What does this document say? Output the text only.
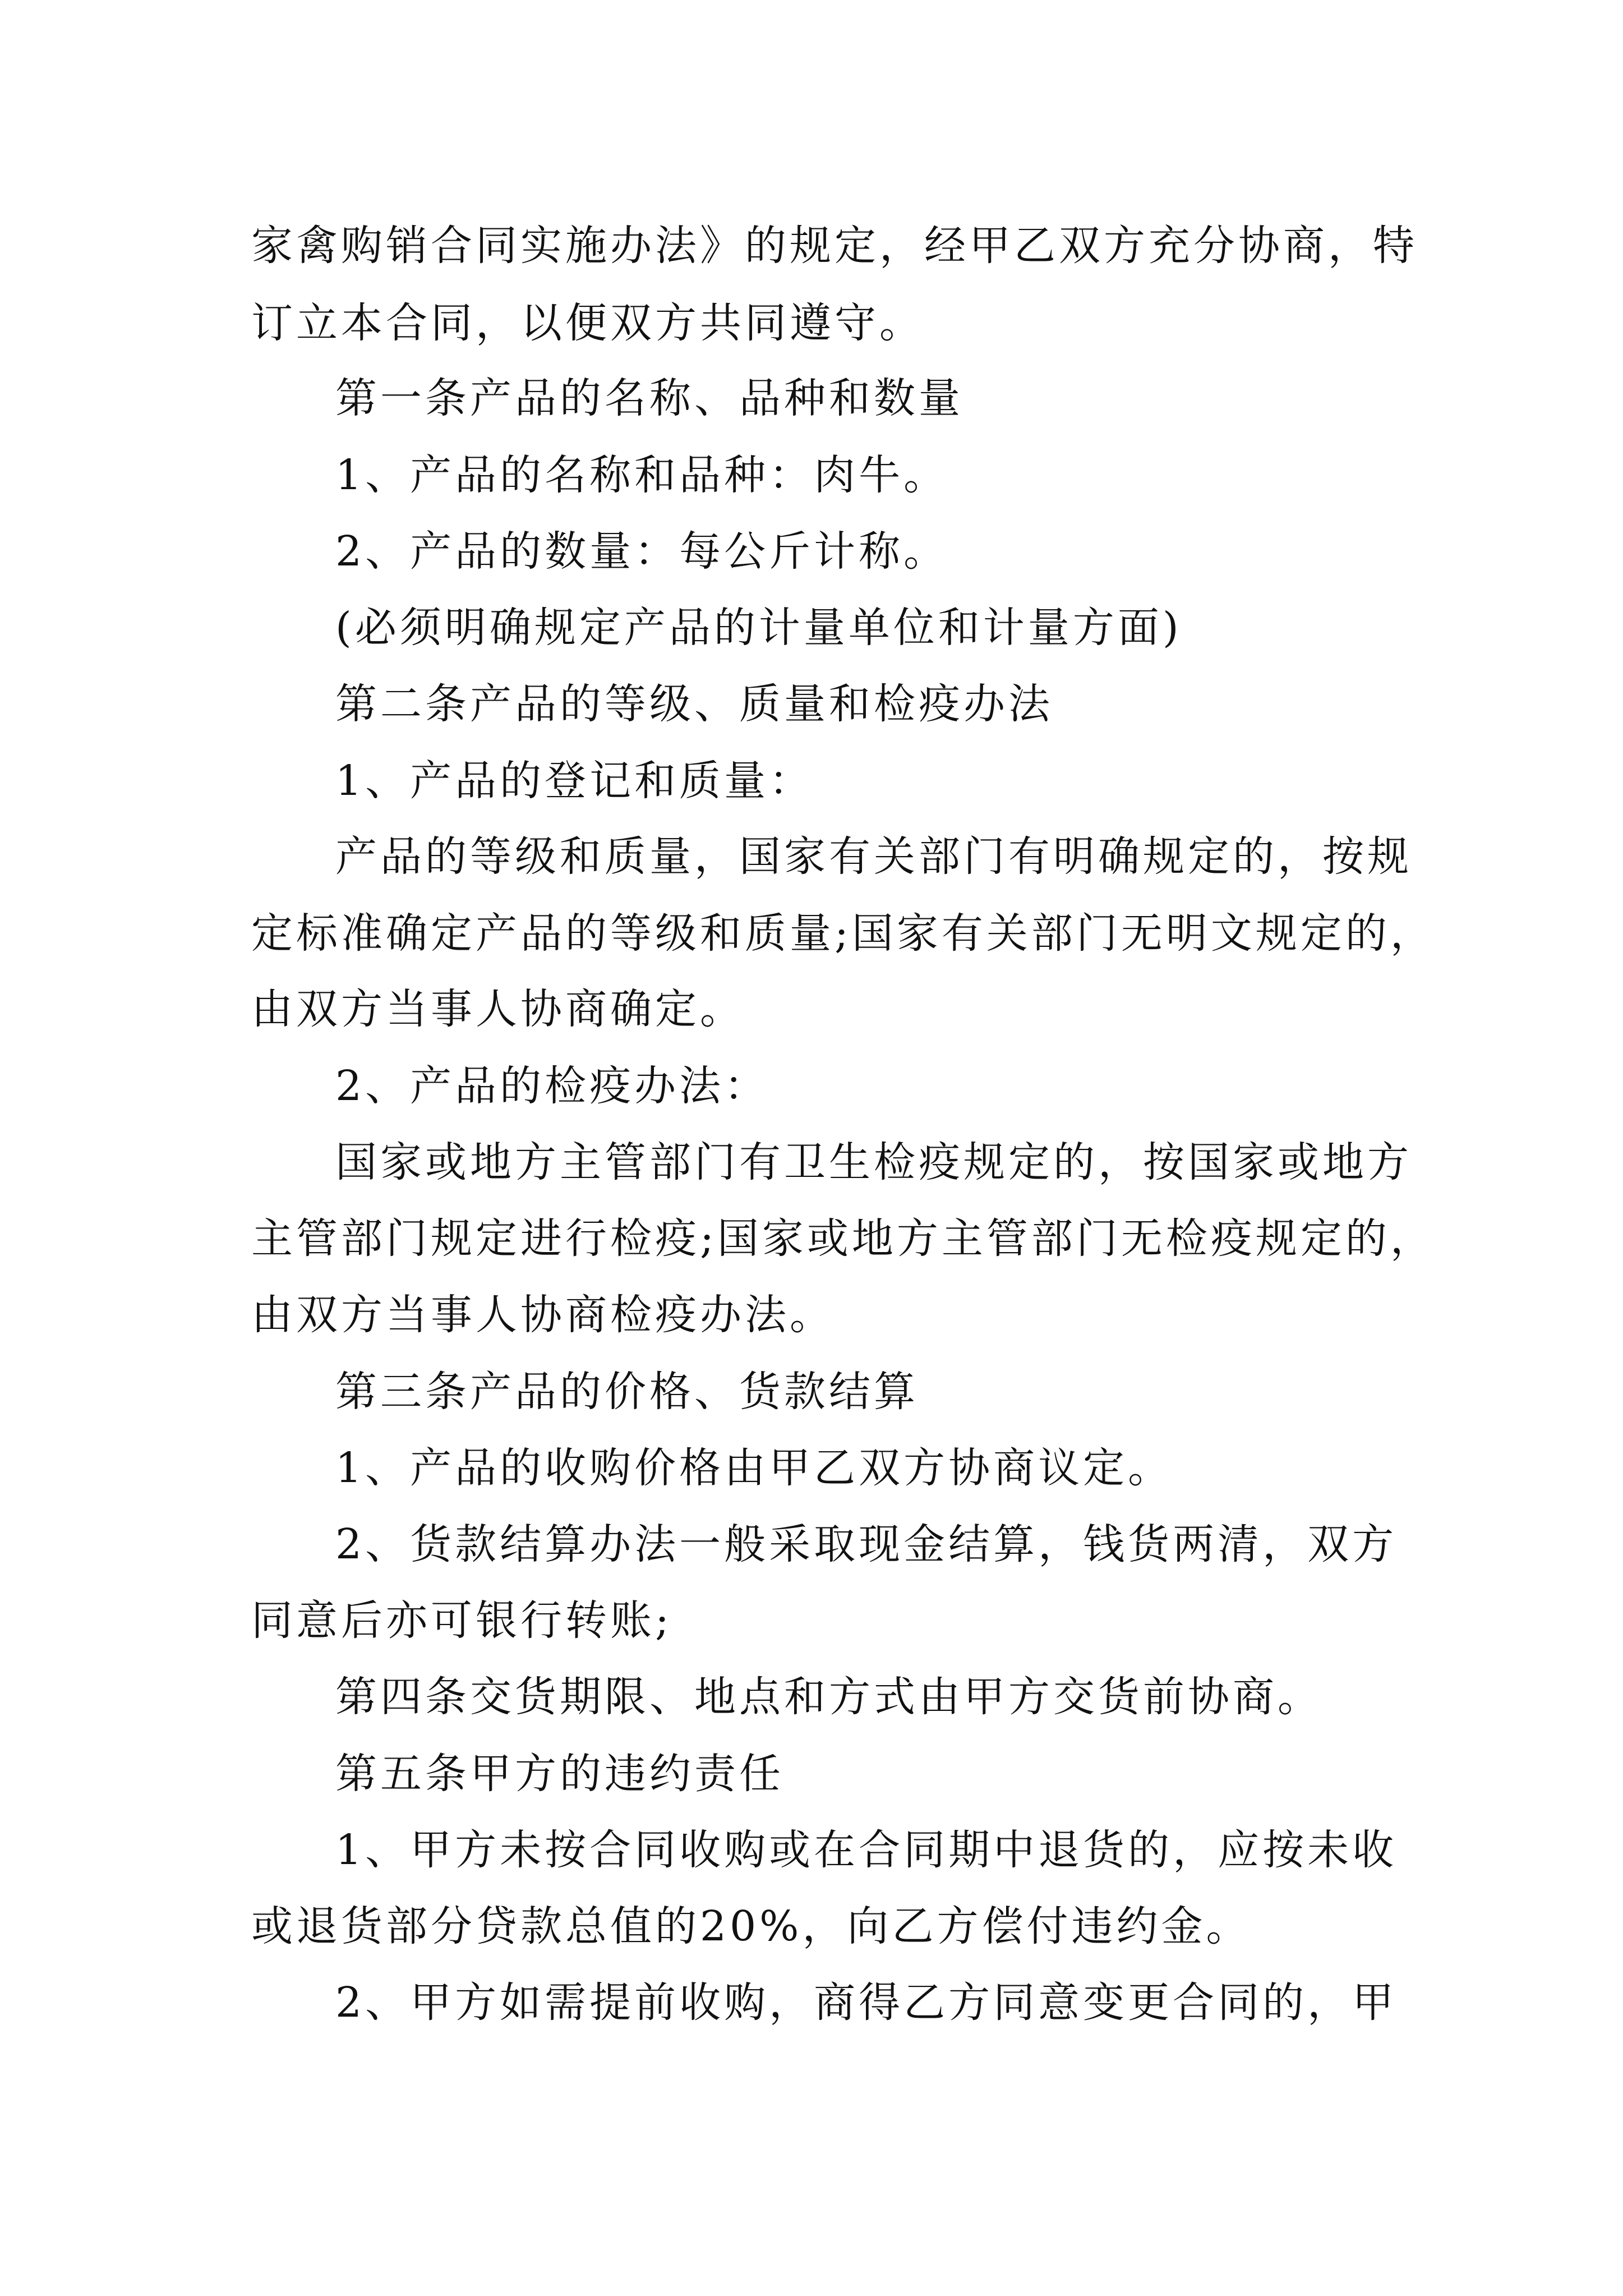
家禽购销合同实施办法》的规定，经甲乙双方充分协商，特
订立本合同，以便双方共同遵守。
第一条产品的名称、品种和数量
1、产品的名称和品种：肉牛。
2、产品的数量：每公斤计称。
(必须明确规定产品的计量单位和计量方面)
第二条产品的等级、质量和检疫办法
1、产品的登记和质量：
产品的等级和质量，国家有关部门有明确规定的，按规
定标准确定产品的等级和质量;国家有关部门无明文规定的，
由双方当事人协商确定。
2、产品的检疫办法：
国家或地方主管部门有卫生检疫规定的，按国家或地方
主管部门规定进行检疫;国家或地方主管部门无检疫规定的，
由双方当事人协商检疫办法。
第三条产品的价格、货款结算
1、产品的收购价格由甲乙双方协商议定。
2、货款结算办法一般采取现金结算，钱货两清，双方
同意后亦可银行转账;
第四条交货期限、地点和方式由甲方交货前协商。
第五条甲方的违约责任
1、甲方未按合同收购或在合同期中退货的，应按未收
或退货部分贷款总值的20%，向乙方偿付违约金。
2、甲方如需提前收购，商得乙方同意变更合同的，甲
